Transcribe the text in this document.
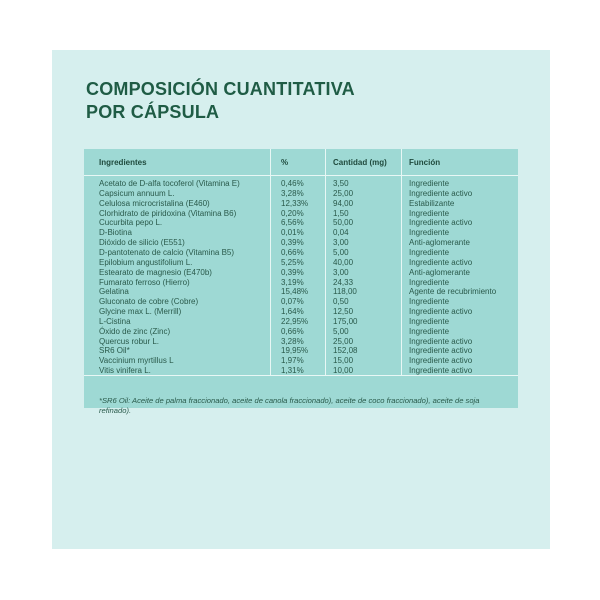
COMPOSICIÓN CUANTITATIVA
POR CÁPSULA
Ingredientes	%	Cantidad (mg)	Función
Acetato de D-alfa tocoferol (Vitamina E)	0,46%	3,50	Ingrediente
Capsicum annuum L.	3,28%	25,00	Ingrediente activo
Celulosa microcristalina (E460)	12,33%	94,00	Estabilizante
Clorhidrato de piridoxina (Vitamina B6)	0,20%	1,50	Ingrediente
Cucurbita pepo L.	6,56%	50,00	Ingrediente activo
D-Biotina	0,01%	0,04	Ingrediente
Dióxido de silicio (E551)	0,39%	3,00	Anti-aglomerante
D-pantotenato de calcio (Vitamina B5)	0,66%	5,00	Ingrediente
Epilobium angustifolium L.	5,25%	40,00	Ingrediente activo
Estearato de magnesio (E470b)	0,39%	3,00	Anti-aglomerante
Fumarato ferroso (Hierro)	3,19%	24,33	Ingrediente
Gelatina	15,48%	118,00	Agente de recubrimiento
Gluconato de cobre (Cobre)	0,07%	0,50	Ingrediente
Glycine max L. (Merrill)	1,64%	12,50	Ingrediente activo
L-Cistina	22,95%	175,00	Ingrediente
Óxido de zinc (Zinc)	0,66%	5,00	Ingrediente
Quercus robur L.	3,28%	25,00	Ingrediente activo
SR6 Oil*	19,95%	152,08	Ingrediente activo
Vaccinium myrtillus L	1,97%	15,00	Ingrediente activo
Vitis vinifera L.	1,31%	10,00	Ingrediente activo

*SR6 Oil: Aceite de palma fraccionado, aceite de canola fraccionado), aceite de coco fraccionado), aceite de soja refinado).
